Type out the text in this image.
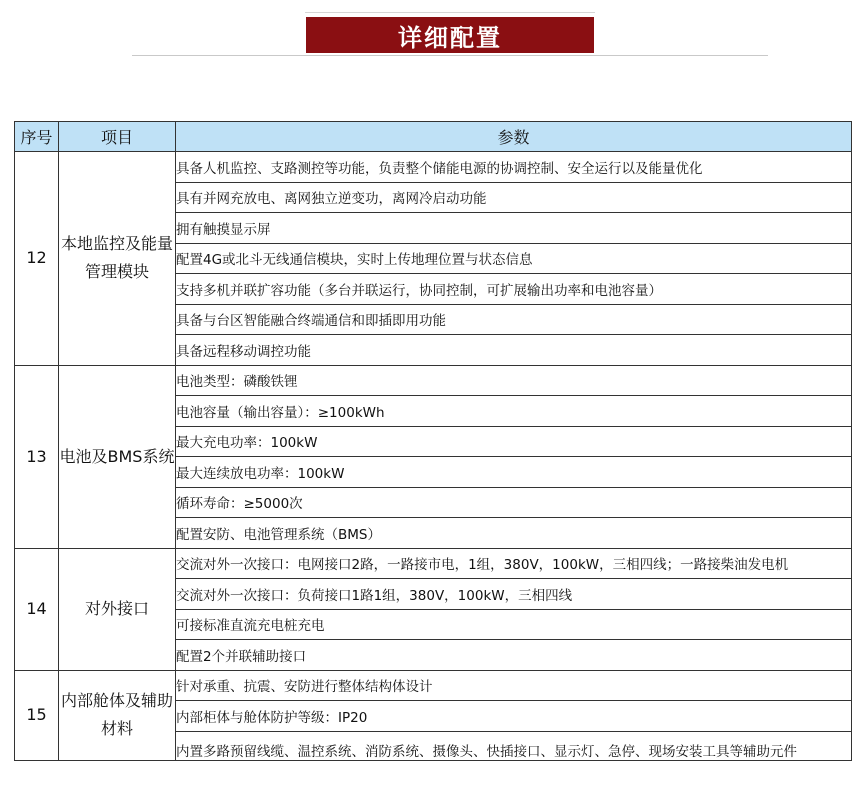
详细配置
序号	项目	参数
12	本地监控及能量管理模块	具备人机监控、支路测控等功能，负责整个储能电源的协调控制、安全运行以及能量优化
		具有并网充放电、离网独立逆变功，离网冷启动功能
		拥有触摸显示屏
		配置4G或北斗无线通信模块，实时上传地理位置与状态信息
		支持多机并联扩容功能（多台并联运行，协同控制，可扩展输出功率和电池容量）
		具备与台区智能融合终端通信和即插即用功能
		具备远程移动调控功能
13	电池及BMS系统	电池类型：磷酸铁锂
		电池容量（输出容量）：≥100kWh
		最大充电功率：100kW
		最大连续放电功率：100kW
		循环寿命：≥5000次
		配置安防、电池管理系统（BMS）
14	对外接口	交流对外一次接口：电网接口2路，一路接市电，1组，380V，100kW，三相四线；一路接柴油发电机
		交流对外一次接口：负荷接口1路1组，380V，100kW，三相四线
		可接标准直流充电桩充电
		配置2个并联辅助接口
15	内部舱体及辅助材料	针对承重、抗震、安防进行整体结构体设计
		内部柜体与舱体防护等级：IP20
		内置多路预留线缆、温控系统、消防系统、摄像头、快插接口、显示灯、急停、现场安装工具等辅助元件
